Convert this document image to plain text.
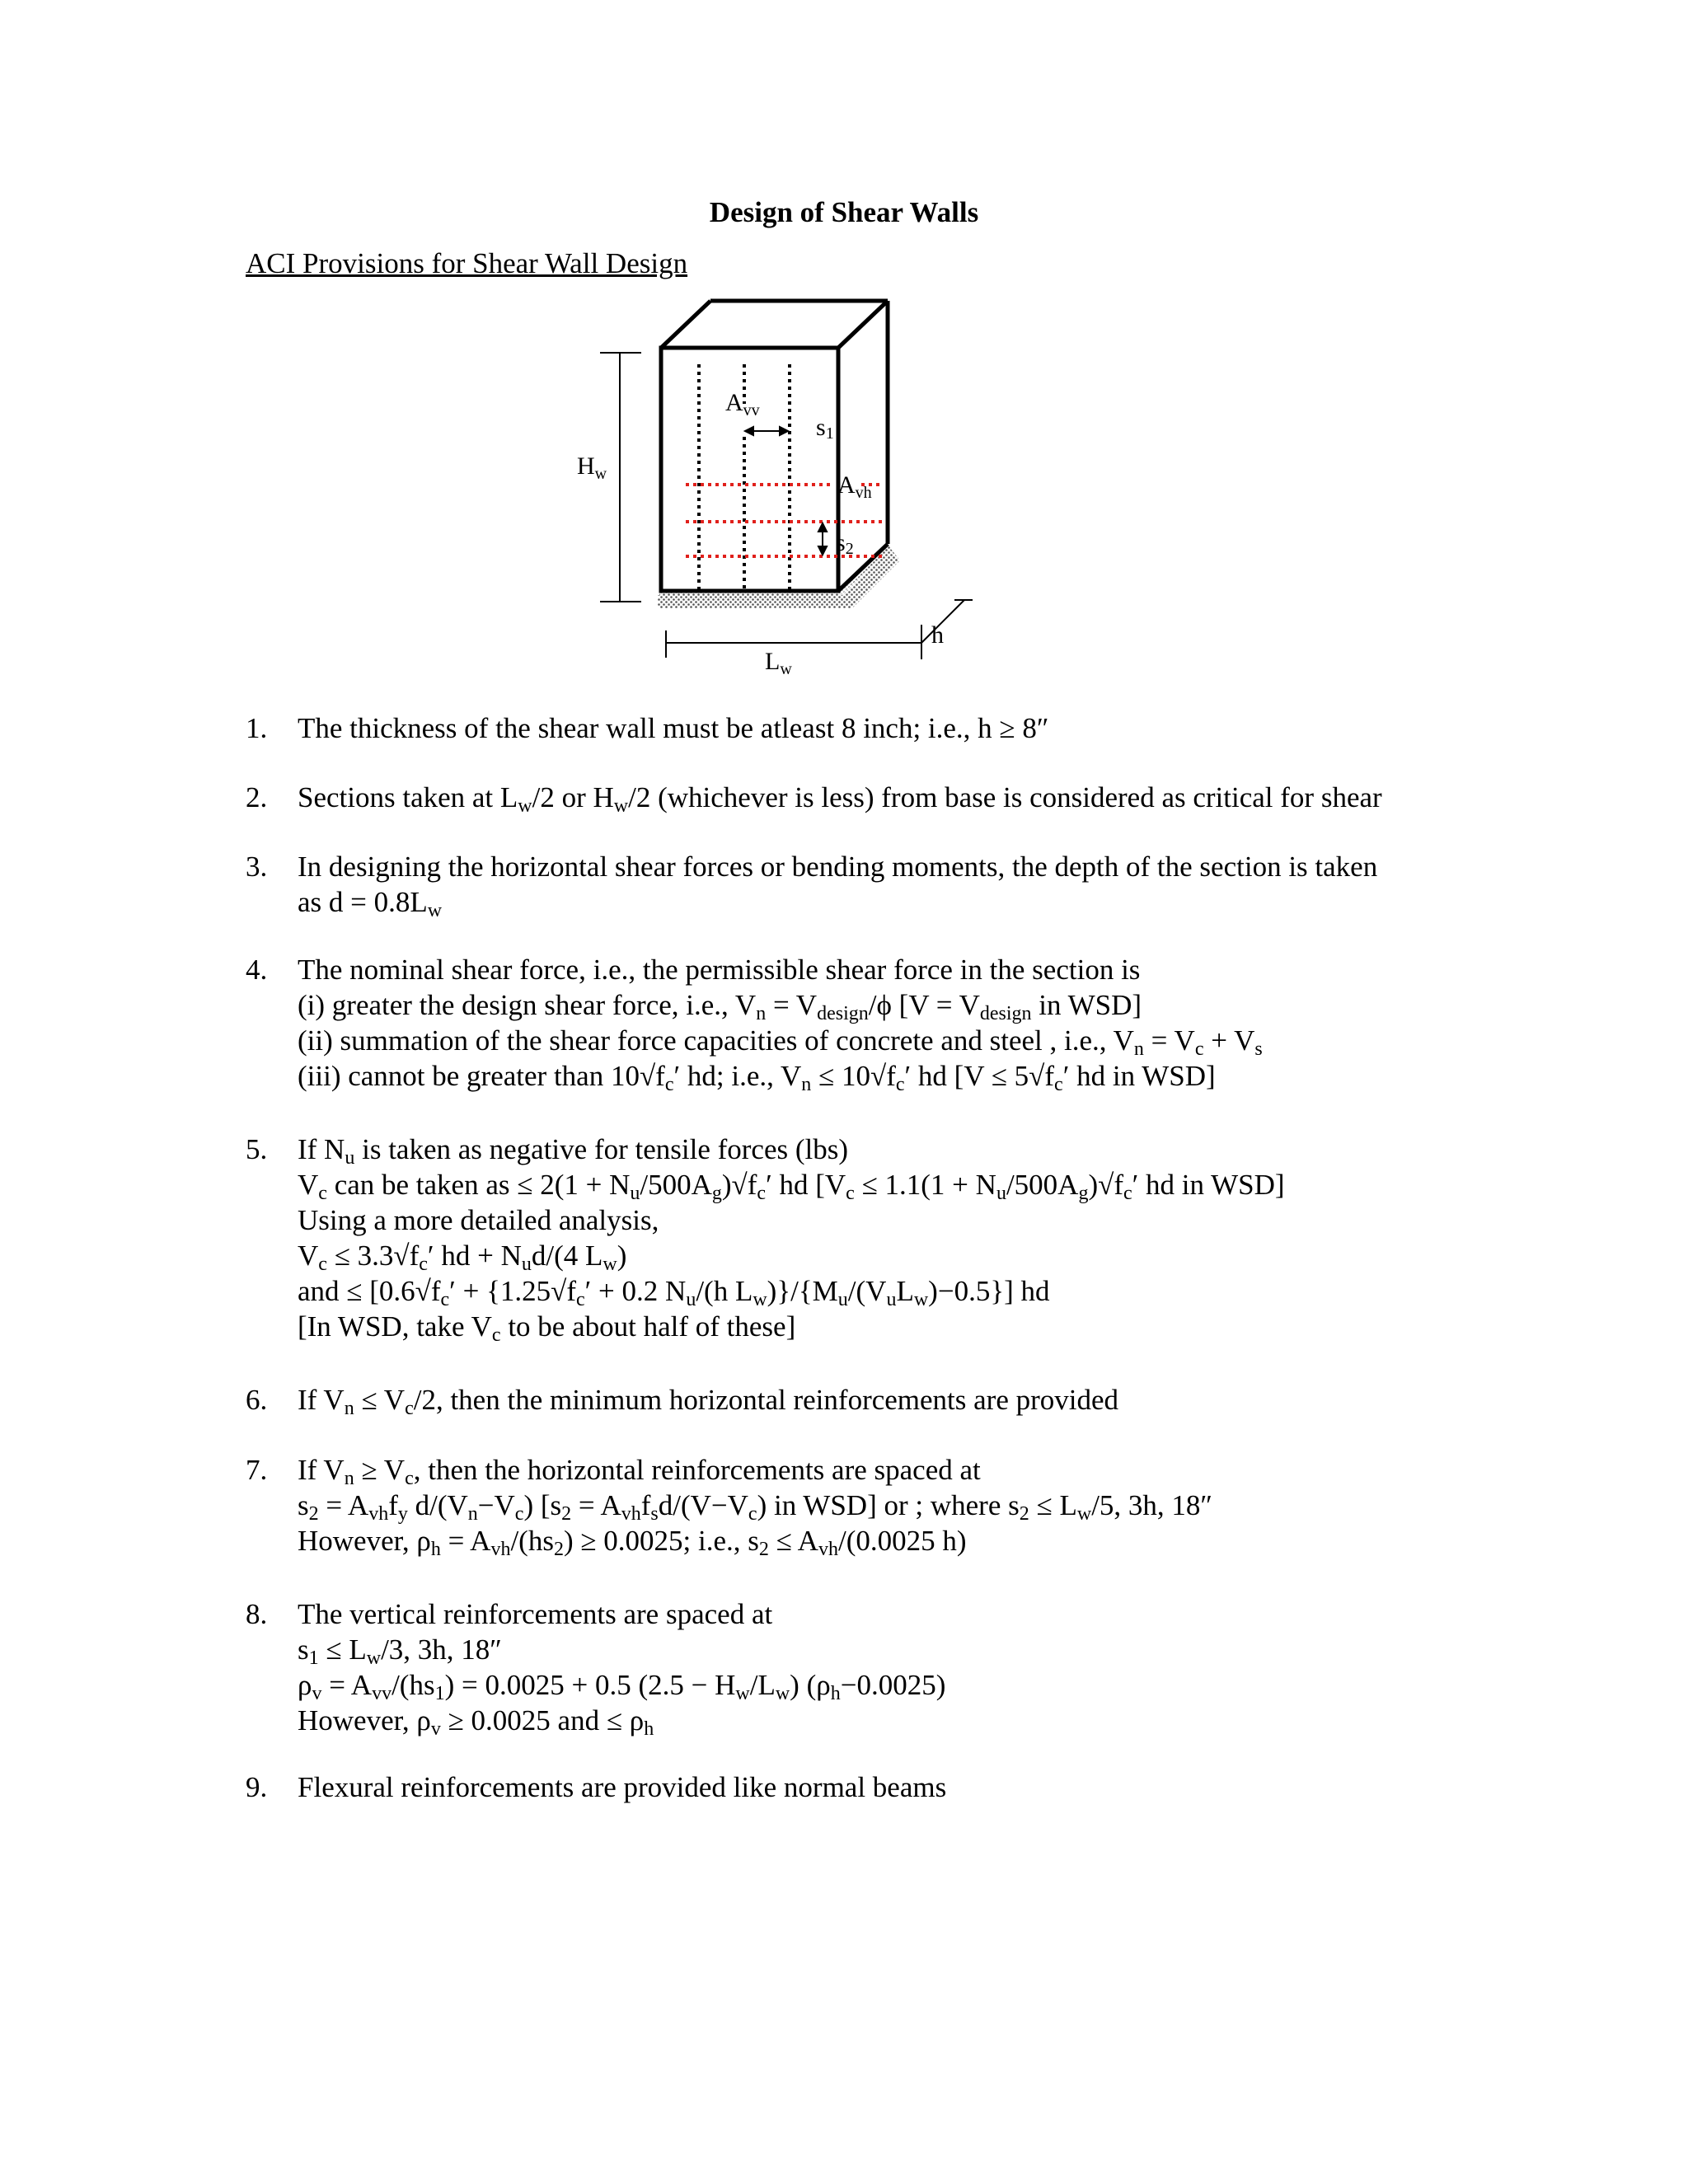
Design of Shear Walls
ACI Provisions for Shear Wall Design
$H_w$
$A_{vv}$
s1
$A_{vh}$
s2
$L_w$
h
1.	The thickness of the shear wall must be atleast 8 inch; i.e., h ≥ 8″
2.	Sections taken at $L_w/2$ or $H_w/2$ (whichever is less) from base is considered as critical for shear
3.	In designing the horizontal shear forces or bending moments, the depth of the section is taken
as $d = 0.8L_w$
4.	The nominal shear force, i.e., the permissible shear force in the section is
(i) greater the design shear force, i.e., $V_n = V_{design}/\phi$ [$V = V_{design}$ in WSD]
(ii) summation of the shear force capacities of concrete and steel , i.e., $V_n = V_c + V_s$
(iii) cannot be greater than $10√f_c'$ hd; i.e., $V_n \le 10√f_c'$ hd [$V \le 5√f_c'$ hd in WSD]
5.	If $N_u$ is taken as negative for tensile forces (lbs)
$V_c$ can be taken as ≤ $2(1 + N_u/500A_g)√f_c'$ hd [$V_c \le 1.1(1 + N_u/500A_g)√f_c'$ hd in WSD]
Using a more detailed analysis,
$V_c \le 3.3√f_c'$ hd + $N_ud/(4$ $L_w$)
and ≤ [$0.6√f_c' + \{1.25√f_c' + 0.2$ $N_u/(h$ $L_w)\}/\{M_u/(V_uL_w)-0.5\}$] hd
[In WSD, take $V_c$ to be about half of these]
6.	If $V_n \le V_c/2$, then the minimum horizontal reinforcements are provided
7.	If $V_n \ge V_c$, then the horizontal reinforcements are spaced at
$s_2 = A_{vh}f_y$ $d/(V_n-V_c) [s_2 = A_{vh}f_sd/(V-V_c)$ in WSD] or ; where $s_2 \le L_w/5$, 3h, 18″
However, $\rho_h = A_{vh}/(hs_2) \ge 0.0025$; i.e., $s_2 \le A_{vh}/(0.0025$ h)
8.	The vertical reinforcements are spaced at
$s_1 \le L_w/3$, 3h, 18″
$\rho_v = A_{vv}/(hs_1) = 0.0025 + 0.5$ $(2.5 - H_w/L_w)$ $(\rho_h-0.0025)$
However, $\rho_v \ge 0.0025$ and ≤ $\rho_h$
9.	Flexural reinforcements are provided like normal beams
